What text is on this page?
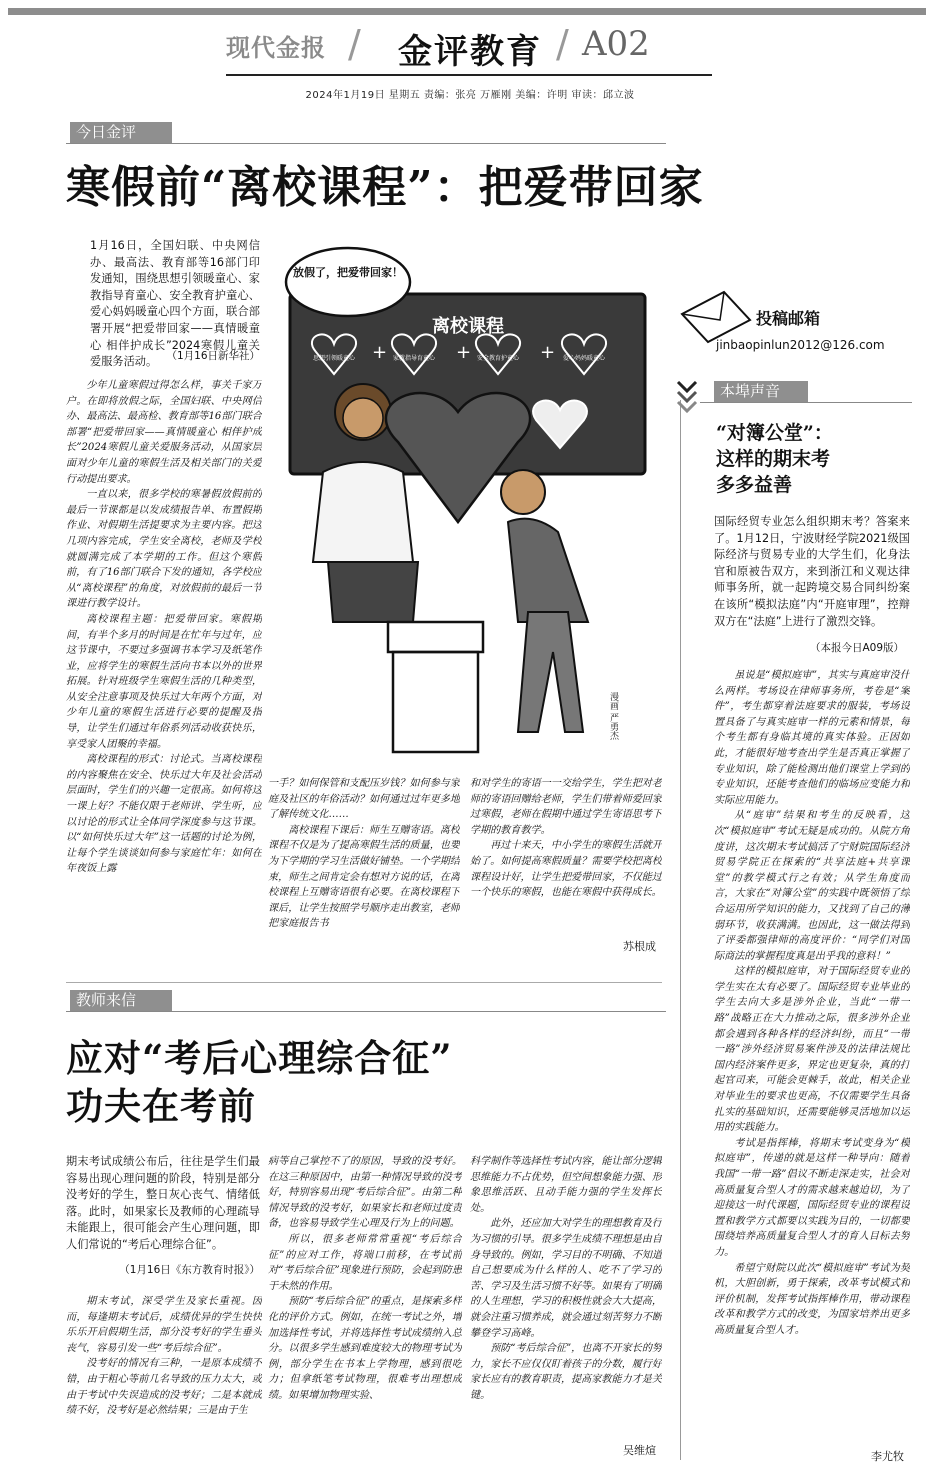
现代金报 / 金评教育 / A02
2024年1月19日 星期五 责编：张亮 万雁刚 美编：许明 审读：邱立波
今日金评
寒假前“离校课程”：把爱带回家
1月16日，全国妇联、中央网信办、最高法、教育部等16部门印发通知，围绕思想引领暖童心、家教指导育童心、安全教育护童心、爱心妈妈暖童心四个方面，联合部署开展“把爱带回家——真情暖童心 相伴护成长”2024寒假儿童关爱服务活动。 （1月16日新华社）

少年儿童寒假过得怎么样，事关千家万户。在即将放假之际，全国妇联、中央网信办、最高法、最高检、教育部等16部门联合部署“把爱带回家——真情暖童心 相伴护成长”2024寒假儿童关爱服务活动，从国家层面对少年儿童的寒假生活及相关部门的关爱行动提出要求。

一直以来，很多学校的寒暑假放假前的最后一节课都是以发成绩报告单、布置假期作业、对假期生活提要求为主要内容。把这几项内容完成，学生安全离校，老师及学校就圆满完成了本学期的工作。但这个寒假前，有了16部门联合下发的通知，各学校应从“离校课程”的角度，对放假前的最后一节课进行教学设计。

离校课程主题：把爱带回家。寒假期间，有半个多月的时间是在忙年与过年，应这节课中，不要过多强调书本学习及纸笔作业，应将学生的寒假生活向书本以外的世界拓展。针对班级学生寒假生活的几种类型，从安全注意事项及快乐过大年两个方面，对少年儿童的寒假生活进行必要的提醒及指导，让学生们通过年俗系列活动收获快乐，享受家人团聚的幸福。

离校课程的形式：讨论式。当离校课程的内容聚焦在安全、快乐过大年及社会活动层面时，学生们的兴趣一定很高。如何将这一课上好？不能仅限于老师讲、学生听，应以讨论的形式让全体同学深度参与这节课。以“如何快乐过大年”这一话题的讨论为例，让每个学生谈谈如何参与家庭忙年：如何在年夜饭上露

离校课程
思想引领暖童心	家教指导育童心	安全教育护童心	爱心妈妈暖童心
+	+	+
放假了，把爱带回家！
漫画 严勇杰

一手？如何保管和支配压岁钱？如何参与家庭及社区的年俗活动？如何通过过年更多地了解传统文化……

离校课程下课后：师生互赠寄语。离校课程不仅是为了提高寒假生活的质量，也要为下学期的学习生活做好铺垫。一个学期结束，师生之间肯定会有想对方说的话，在离校课程上互赠寄语很有必要。在离校课程下课后，让学生按照学号顺序走出教室，老师把家庭报告书

和对学生的寄语一一交给学生，学生把对老师的寄语回赠给老师，学生们带着师爱回家过寒假，老师在假期中通过学生寄语思考下学期的教育教学。

再过十来天，中小学生的寒假生活就开始了。如何提高寒假质量？需要学校把离校课程设计好，让学生把爱带回家，不仅能过一个快乐的寒假，也能在寒假中获得成长。

苏根成
教师来信
应对“考后心理综合征”
功夫在考前
期末考试成绩公布后，往往是学生们最容易出现心理问题的阶段，特别是部分没考好的学生，整日灰心丧气、情绪低落。此时，如果家长及教师的心理疏导未能跟上，很可能会产生心理问题，即人们常说的“考后心理综合征”。
（1月16日《东方教育时报》）

期末考试，深受学生及家长重视。因而，每逢期末考试后，成绩优异的学生快快乐乐开启假期生活，部分没考好的学生垂头丧气，容易引发一些“考后综合征”。

没考好的情况有三种，一是原本成绩不错，由于粗心等前几名导致的压力太大，或由于考试中失误造成的没考好；二是本就成绩不好，没考好是必然结果；三是由于生

病等自己掌控不了的原因，导致的没考好。在这三种原因中，由第一种情况导致的没考好，特别容易出现“考后综合征”。由第二种情况导致的没考好，如果家长和老师过度责备，也容易导致学生心理及行为上的问题。

所以，很多老师常常重视“考后综合征”的应对工作，将端口前移，在考试前对“考后综合征”现象进行预防，会起到防患于未然的作用。

预防“考后综合征”的重点，是探索多样化的评价方式。例如，在统一考试之外，增加选择性考试，并将选择性考试成绩纳入总分。以很多学生感到难度较大的物理考试为例，部分学生在书本上学物理，感到很吃力；但拿纸笔考试物理，很难考出理想成绩。如果增加物理实验、

科学制作等选择性考试内容，能让部分逻辑思维能力不占优势，但空间想象能力强、形象思维活跃、且动手能力强的学生发挥长处。

此外，还应加大对学生的理想教育及行为习惯的引导。很多学生成绩不理想是由自身导致的。例如，学习目的不明确、不知道自己想要成为什么样的人、吃不了学习的苦、学习及生活习惯不好等。如果有了明确的人生理想，学习的积极性就会大大提高，就会注重习惯养成，就会通过刻苦努力不断攀登学习高峰。

预防“考后综合征”，也离不开家长的努力，家长不应仅仅盯着孩子的分数，履行好家长应有的教育职责，提高家教能力才是关键。

吴维煊
投稿邮箱
jinbaopinlun2012@126.com
本埠声音
“对簿公堂”：
这样的期末考
多多益善
国际经贸专业怎么组织期末考？答案来了。1月12日，宁波财经学院2021级国际经济与贸易专业的大学生们，化身法官和原被告双方，来到浙江和义观达律师事务所，就一起跨境交易合同纠纷案在该所“模拟法庭”内“开庭审理”，控辩双方在“法庭”上进行了激烈交锋。
（本报今日A09版）

虽说是“模拟庭审”，其实与真庭审没什么两样。考场设在律师事务所，考卷是“案件”，考生都穿着法庭要求的服装，考场设置具备了与真实庭审一样的元素和情景，每个考生都有身临其境的真实体验。正因如此，才能很好地考查出学生是否真正掌握了专业知识，除了能检测出他们课堂上学到的专业知识，还能考查他们的临场应变能力和实际应用能力。

从“庭审”结果和考生的反映看，这次“模拟庭审”考试无疑是成功的。从院方角度讲，这次期末考试搞活了宁财院国际经济贸易学院正在探索的“共享法庭+共享课堂”的教学模式行之有效；从学生角度而言，大家在“对簿公堂”的实践中既领悟了综合运用所学知识的能力，又找到了自己的薄弱环节，收获满满。也因此，这一做法得到了评委都强律师的高度评价：“同学们对国际商法的掌握程度真是出乎我的意料！”

这样的模拟庭审，对于国际经贸专业的学生实在太有必要了。国际经贸专业毕业的学生去向大多是涉外企业，当此“一带一路”战略正在大力推动之际，很多涉外企业都会遇到各种各样的经济纠纷，而且“一带一路”涉外经济贸易案件涉及的法律法规比国内经济案件更多，界定也更复杂，真的打起官司来，可能会更棘手，故此，相关企业对毕业生的要求也更高，不仅需要学生具备扎实的基础知识，还需要能够灵活地加以运用的实践能力。

考试是指挥棒，将期末考试变身为“模拟庭审”，传递的就是这样一种导向：随着我国“一带一路”倡议不断走深走实，社会对高质量复合型人才的需求越来越迫切，为了迎接这一时代课题，国际经贸专业的课程设置和教学方式都要以实践为目的，一切都要围绕培养高质量复合型人才的育人目标去努力。

希望宁财院以此次“模拟庭审”考试为契机，大胆创新，勇于探索，改革考试模式和评价机制，发挥考试指挥棒作用，带动课程改革和教学方式的改变，为国家培养出更多高质量复合型人才。

李尤牧
